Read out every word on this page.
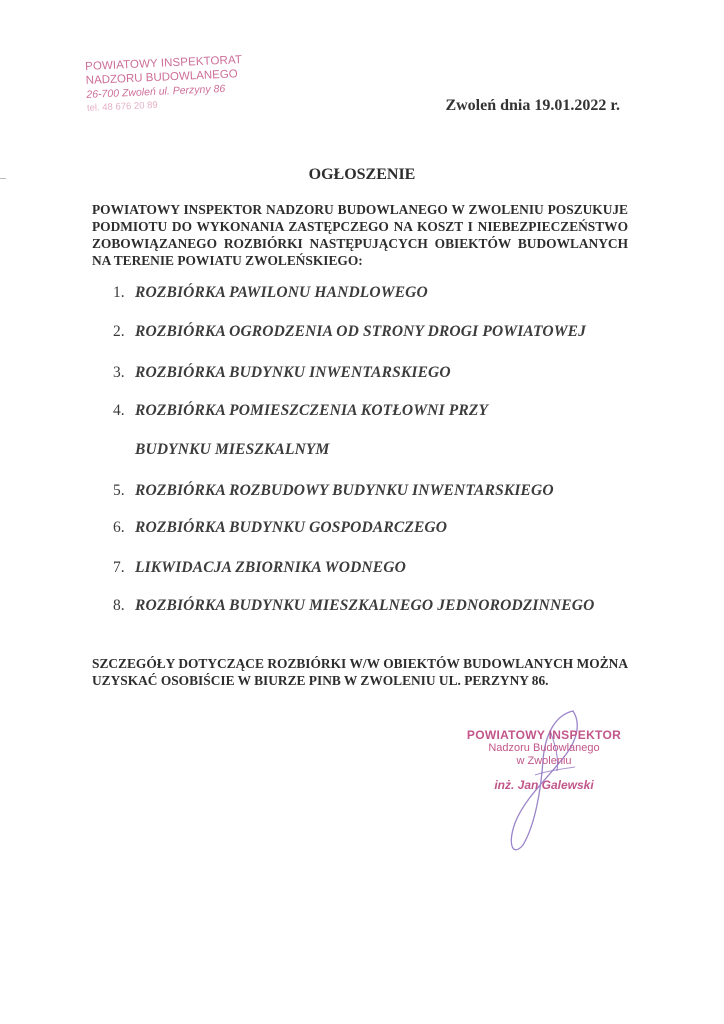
POWIATOWY INSPEKTORAT
NADZORU BUDOWLANEGO
26-700 Zwoleń ul. Perzyny 86
tel. 48 676 20 89	Zwoleń dnia 19.01.2022 r.
OGŁOSZENIE
POWIATOWY INSPEKTOR NADZORU BUDOWLANEGO W ZWOLENIU POSZUKUJE PODMIOTU DO WYKONANIA ZASTĘPCZEGO NA KOSZT I NIEBEZPIECZEŃSTWO ZOBOWIĄZANEGO ROZBIÓRKI NASTĘPUJĄCYCH OBIEKTÓW BUDOWLANYCH NA TERENIE POWIATU ZWOLEŃSKIEGO:
1. ROZBIÓRKA PAWILONU HANDLOWEGO
2. ROZBIÓRKA OGRODZENIA OD STRONY DROGI POWIATOWEJ
3. ROZBIÓRKA BUDYNKU INWENTARSKIEGO
4. ROZBIÓRKA POMIESZCZENIA KOTŁOWNI PRZY
BUDYNKU MIESZKALNYM
5. ROZBIÓRKA ROZBUDOWY BUDYNKU INWENTARSKIEGO
6. ROZBIÓRKA BUDYNKU GOSPODARCZEGO
7. LIKWIDACJA ZBIORNIKA WODNEGO
8. ROZBIÓRKA BUDYNKU MIESZKALNEGO JEDNORODZINNEGO
SZCZEGÓŁY DOTYCZĄCE ROZBIÓRKI W/W OBIEKTÓW BUDOWLANYCH MOŻNA UZYSKAĆ OSOBIŚCIE W BIURZE PINB W ZWOLENIU UL. PERZYNY 86.
POWIATOWY INSPEKTOR
Nadzoru Budowlanego
w Zwoleniu
inż. Jan Galewski
